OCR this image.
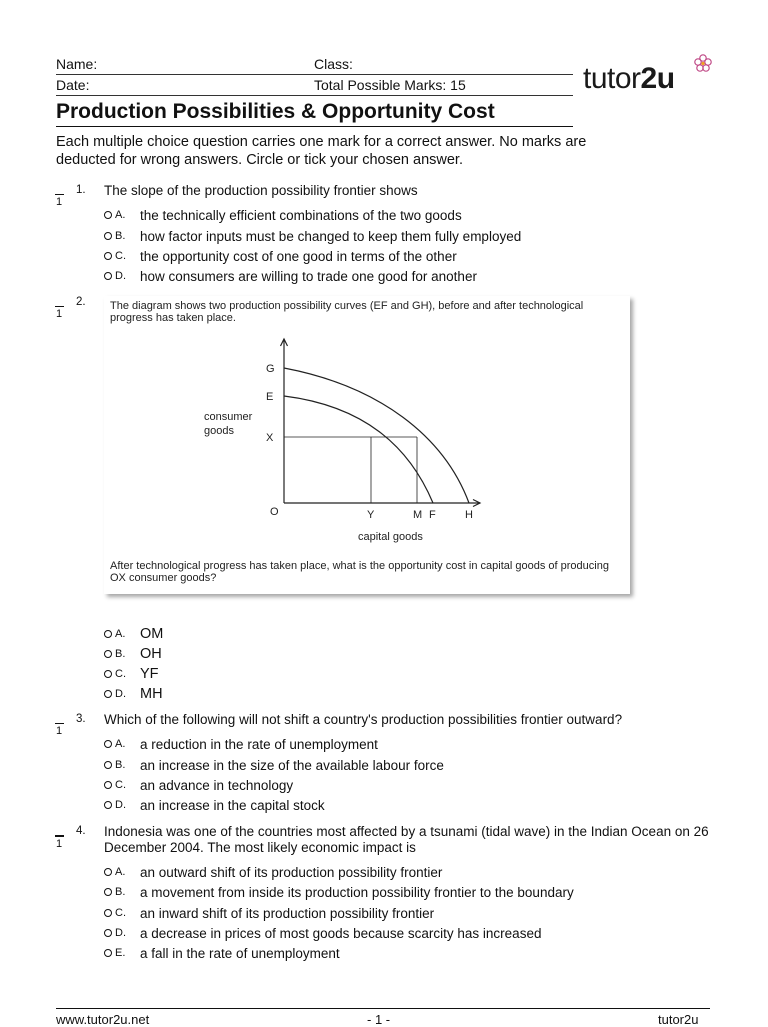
Name:	Class:
Date:	Total Possible Marks: 15	tutor2u
Production Possibilities & Opportunity Cost
Each multiple choice question carries one mark for a correct answer. No marks are deducted for wrong answers. Circle or tick your chosen answer.
1
1. The slope of the production possibility frontier shows
A.	the technically efficient combinations of the two goods
B.	how factor inputs must be changed to keep them fully employed
C.	the opportunity cost of one good in terms of the other
D.	how consumers are willing to trade one good for another
1
2. The diagram shows two production possibility curves (EF and GH), before and after technological progress has taken place.
G
E
X
O	Y	M F	H
consumer
goods
capital goods
After technological progress has taken place, what is the opportunity cost in capital goods of producing OX consumer goods?
A.	OM
B.	OH
C. YF
D. MH
1
3. Which of the following will not shift a country's production possibilities frontier outward?
A.	a reduction in the rate of unemployment
B.	an increase in the size of the available labour force
C.	an advance in technology
D.	an increase in the capital stock
1
4. Indonesia was one of the countries most affected by a tsunami (tidal wave) in the Indian Ocean on 26 December 2004. The most likely economic impact is
A.	an outward shift of its production possibility frontier
B.	a movement from inside its production possibility frontier to the boundary
C.	an inward shift of its production possibility frontier
D.	a decrease in prices of most goods because scarcity has increased
E.	a fall in the rate of unemployment
www.tutor2u.net	- 1 -	tutor2u
